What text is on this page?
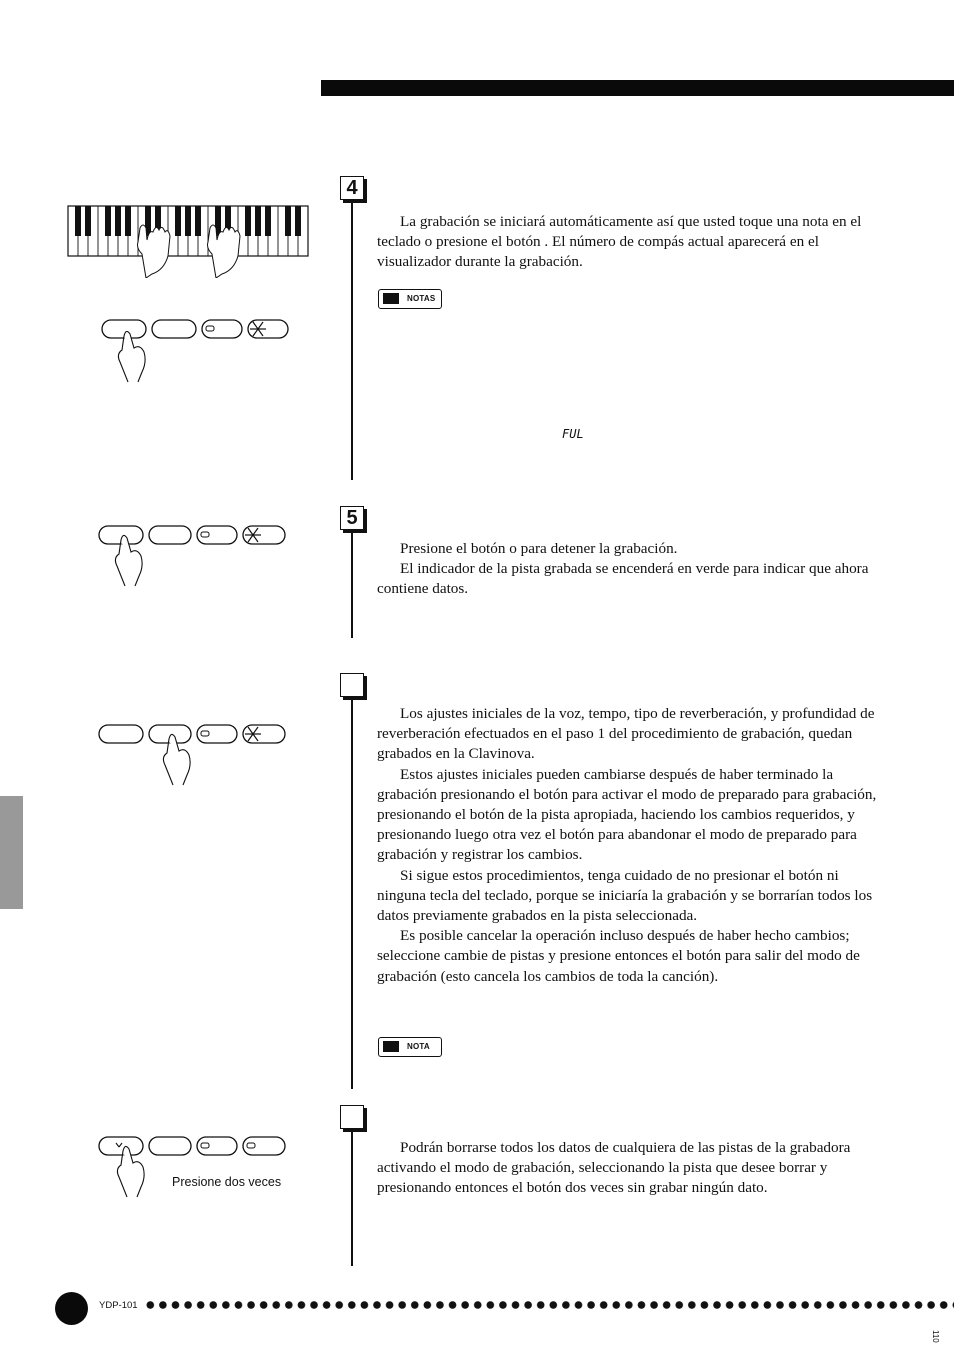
Presione dos veces
4
5

La grabación se iniciará automáticamente así que usted toque una nota en el teclado o presione el botón . El número de compás actual aparecerá en el visualizador durante la grabación.

NOTAS
FUL

Presione el botón o para detener la grabación.

El indicador de la pista grabada se encenderá en verde para indicar que ahora contiene datos.

Los ajustes iniciales de la voz, tempo, tipo de reverberación, y profundidad de reverberación efectuados en el paso 1 del procedimiento de grabación, quedan grabados en la Clavinova.

Estos ajustes iniciales pueden cambiarse después de haber terminado la grabación presionando el botón para activar el modo de preparado para grabación, presionando el botón de la pista apropiada, haciendo los cambios requeridos, y presionando luego otra vez el botón para abandonar el modo de preparado para grabación y registrar los cambios.

Si sigue estos procedimientos, tenga cuidado de no presionar el botón ni ninguna tecla del teclado, porque se iniciaría la grabación y se borrarían todos los datos previamente grabados en la pista seleccionada.

Es posible cancelar la operación incluso después de haber hecho cambios; seleccione cambie de pistas y presione entonces el botón para salir del modo de grabación (esto cancela los cambios de toda la canción).

NOTA

Podrán borrarse todos los datos de cualquiera de las pistas de la grabadora activando el modo de grabación, seleccionando la pista que desee borrar y presionando entonces el botón dos veces sin grabar ningún dato.

YDP-101
110
